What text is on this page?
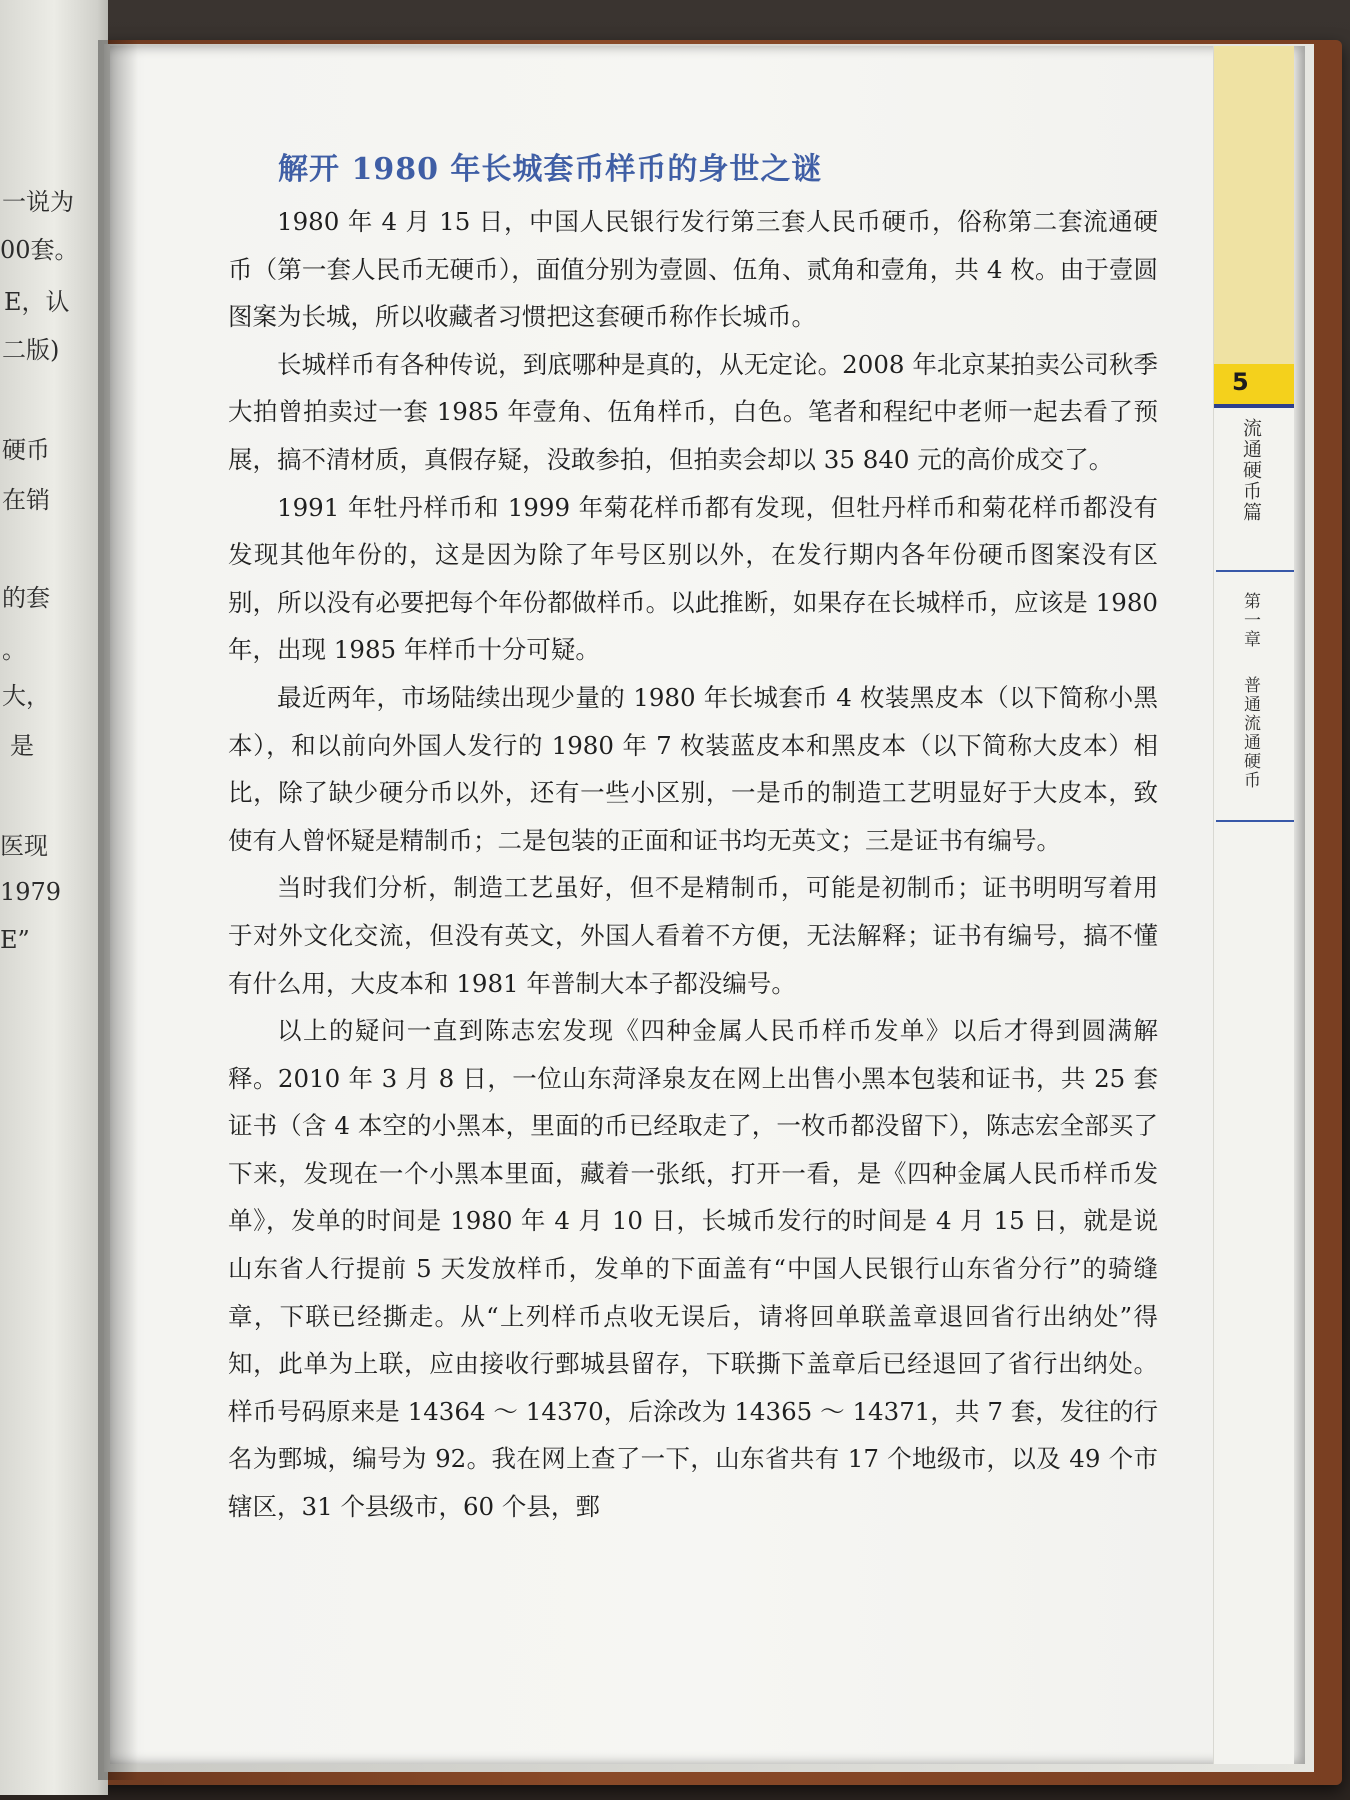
一说为
00套。
E，认
二版)
硬币
在销
的套
。
大，
是
医现
1979
E”
5
流通硬币篇
第一章
普通流通硬币
解开 1980 年长城套币样币的身世之谜

1980 年 4 月 15 日，中国人民银行发行第三套人民币硬币，俗称第二套流通硬币（第一套人民币无硬币），面值分别为壹圆、伍角、贰角和壹角，共 4 枚。由于壹圆图案为长城，所以收藏者习惯把这套硬币称作长城币。

长城样币有各种传说，到底哪种是真的，从无定论。2008 年北京某拍卖公司秋季大拍曾拍卖过一套 1985 年壹角、伍角样币，白色。笔者和程纪中老师一起去看了预展，搞不清材质，真假存疑，没敢参拍，但拍卖会却以 35 840 元的高价成交了。

1991 年牡丹样币和 1999 年菊花样币都有发现，但牡丹样币和菊花样币都没有发现其他年份的，这是因为除了年号区别以外，在发行期内各年份硬币图案没有区别，所以没有必要把每个年份都做样币。以此推断，如果存在长城样币，应该是 1980 年，出现 1985 年样币十分可疑。

最近两年，市场陆续出现少量的 1980 年长城套币 4 枚装黑皮本（以下简称小黑本），和以前向外国人发行的 1980 年 7 枚装蓝皮本和黑皮本（以下简称大皮本）相比，除了缺少硬分币以外，还有一些小区别，一是币的制造工艺明显好于大皮本，致使有人曾怀疑是精制币；二是包装的正面和证书均无英文；三是证书有编号。

当时我们分析，制造工艺虽好，但不是精制币，可能是初制币；证书明明写着用于对外文化交流，但没有英文，外国人看着不方便，无法解释；证书有编号，搞不懂有什么用，大皮本和 1981 年普制大本子都没编号。

以上的疑问一直到陈志宏发现《四种金属人民币样币发单》以后才得到圆满解释。2010 年 3 月 8 日，一位山东菏泽泉友在网上出售小黑本包装和证书，共 25 套证书（含 4 本空的小黑本，里面的币已经取走了，一枚币都没留下），陈志宏全部买了下来，发现在一个小黑本里面，藏着一张纸，打开一看，是《四种金属人民币样币发单》，发单的时间是 1980 年 4 月 10 日，长城币发行的时间是 4 月 15 日，就是说山东省人行提前 5 天发放样币，发单的下面盖有“中国人民银行山东省分行”的骑缝章，下联已经撕走。从“上列样币点收无误后，请将回单联盖章退回省行出纳处”得知，此单为上联，应由接收行鄄城县留存，下联撕下盖章后已经退回了省行出纳处。样币号码原来是 14364 ～ 14370，后涂改为 14365 ～ 14371，共 7 套，发往的行名为鄄城，编号为 92。我在网上查了一下，山东省共有 17 个地级市，以及 49 个市辖区，31 个县级市，60 个县，鄄
